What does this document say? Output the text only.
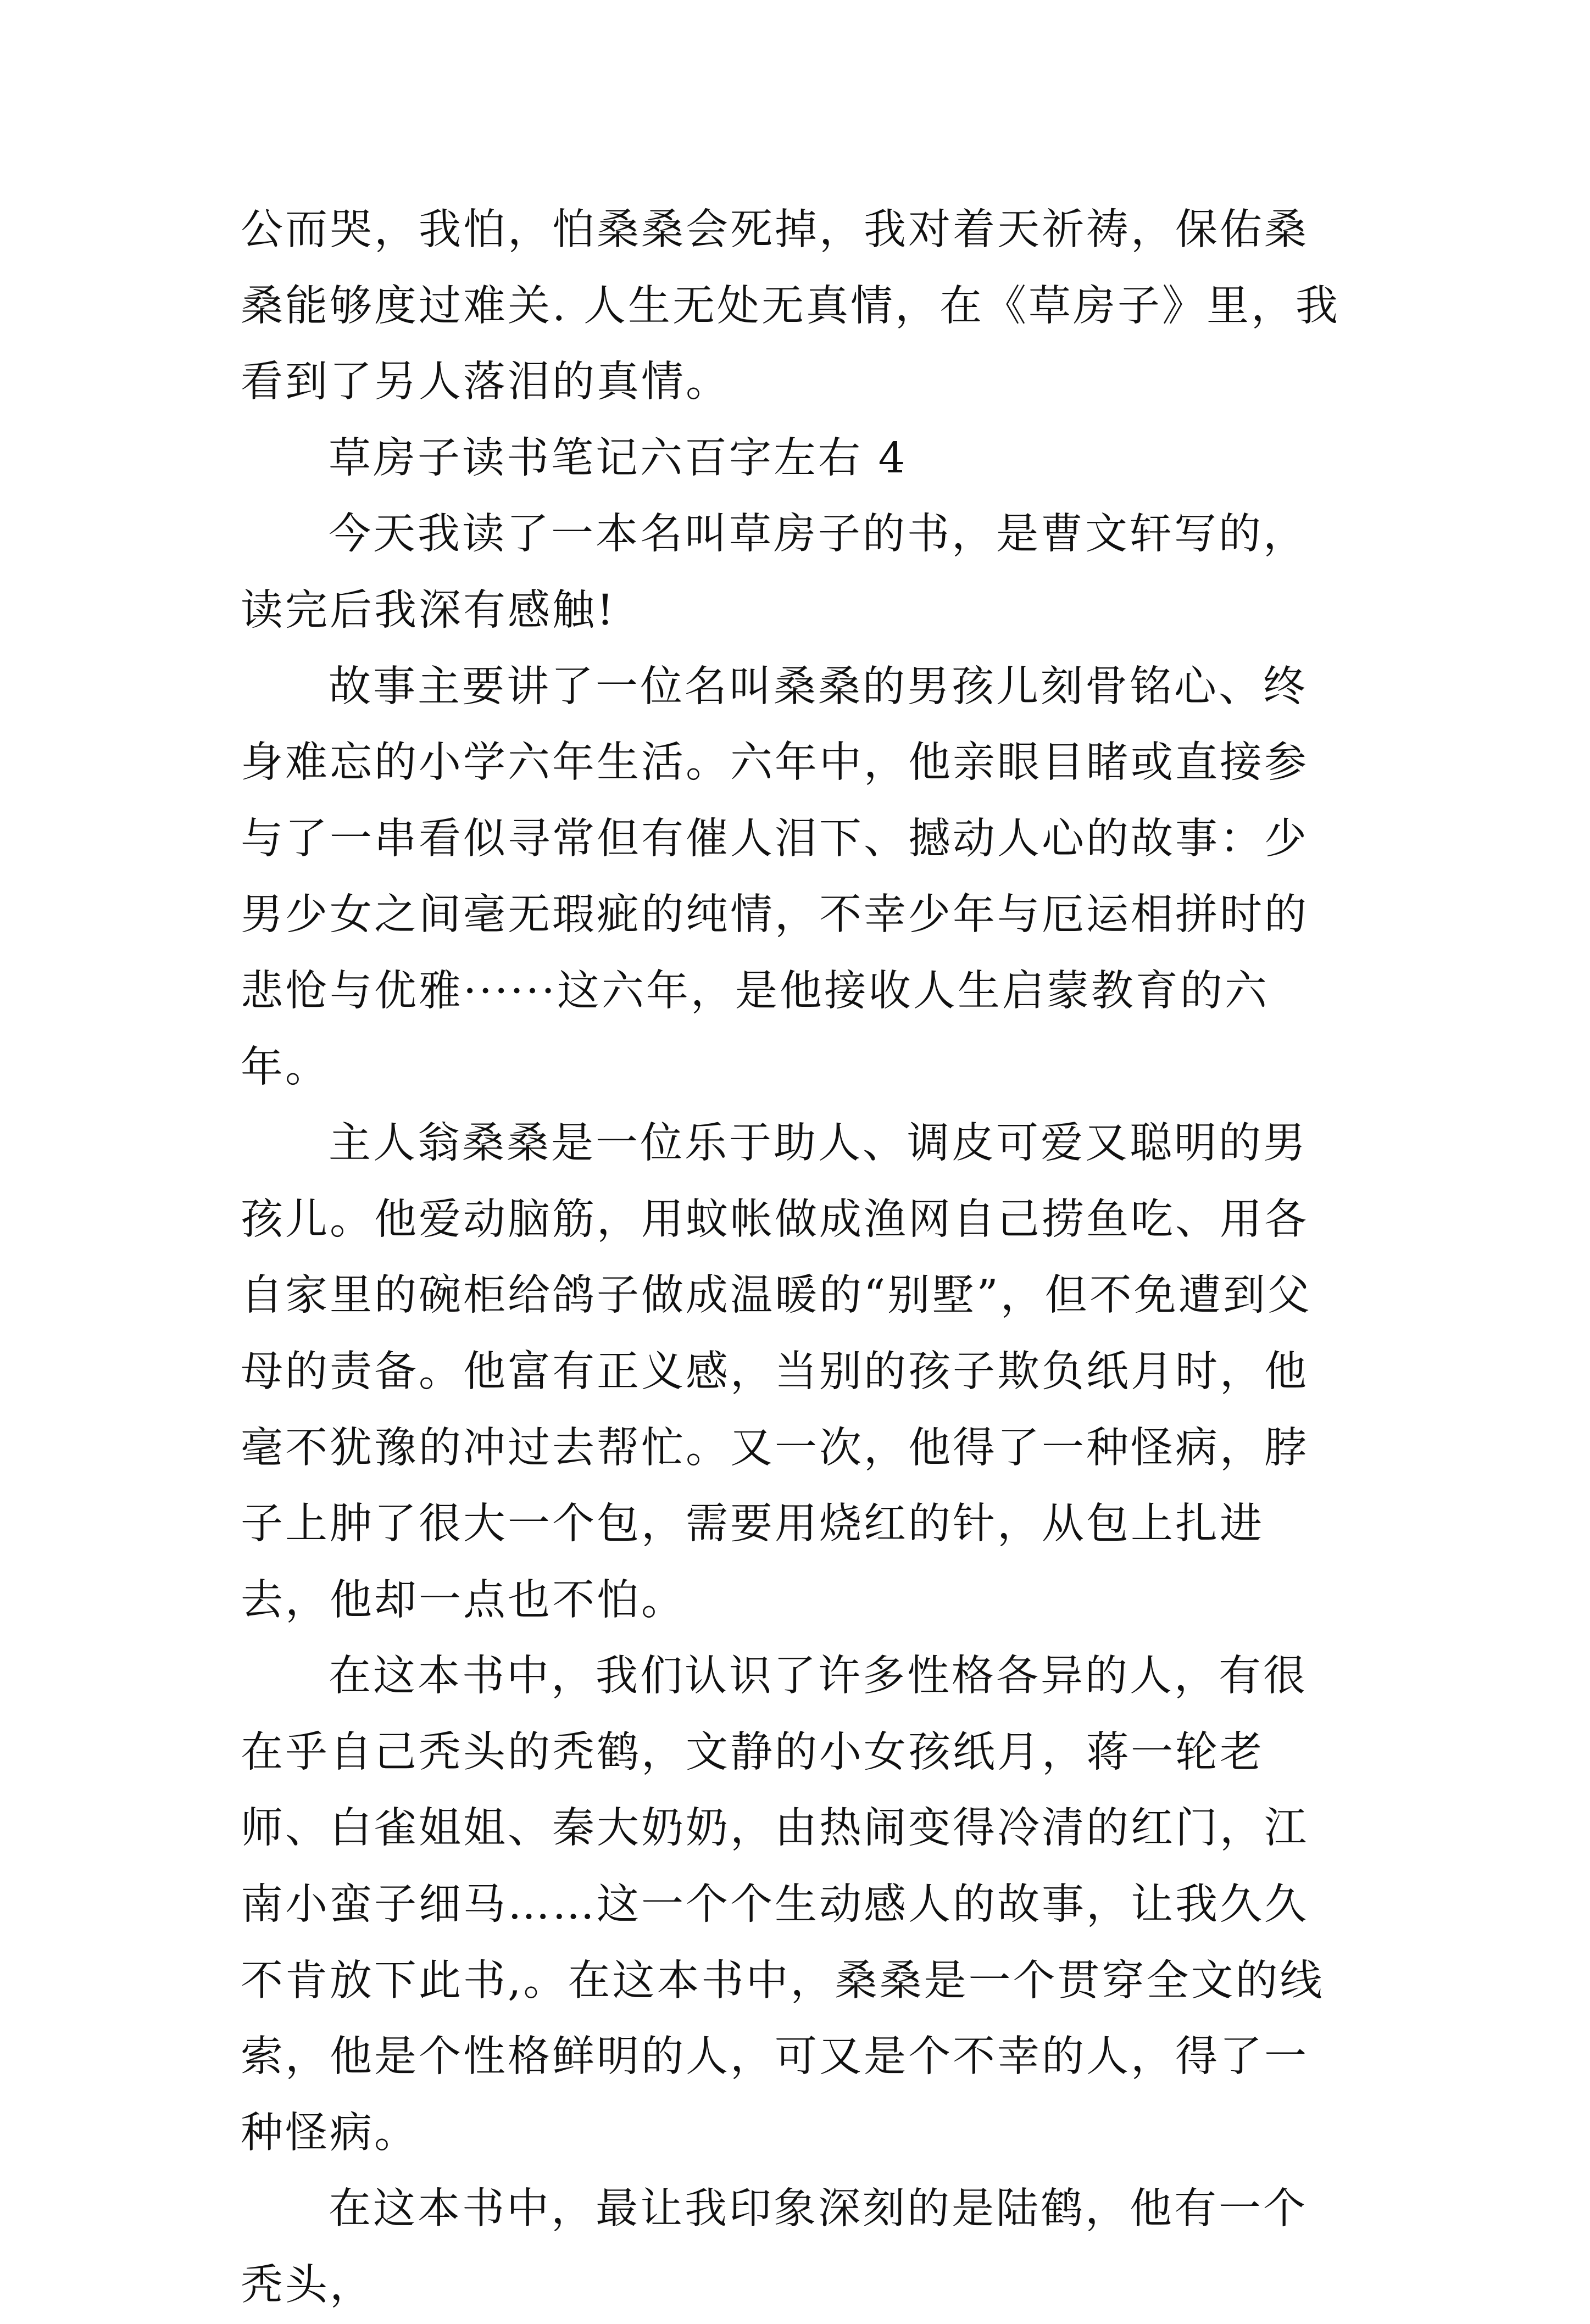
公而哭，我怕，怕桑桑会死掉，我对着天祈祷，保佑桑桑能够度过难关. 人生无处无真情，在《草房子》里，我看到了另人落泪的真情。

草房子读书笔记六百字左右 4

今天我读了一本名叫草房子的书，是曹文轩写的，读完后我深有感触!

故事主要讲了一位名叫桑桑的男孩儿刻骨铭心、终身难忘的小学六年生活。六年中，他亲眼目睹或直接参与了一串看似寻常但有催人泪下、撼动人心的故事：少男少女之间毫无瑕疵的纯情，不幸少年与厄运相拼时的悲怆与优雅······这六年，是他接收人生启蒙教育的六年。

主人翁桑桑是一位乐于助人、调皮可爱又聪明的男孩儿。他爱动脑筋，用蚊帐做成渔网自己捞鱼吃、用各自家里的碗柜给鸽子做成温暖的“别墅”，但不免遭到父母的责备。他富有正义感，当别的孩子欺负纸月时，他毫不犹豫的冲过去帮忙。又一次，他得了一种怪病，脖子上肿了很大一个包，需要用烧红的针，从包上扎进去，他却一点也不怕。

在这本书中，我们认识了许多性格各异的人，有很在乎自己秃头的秃鹤，文静的小女孩纸月，蒋一轮老师、白雀姐姐、秦大奶奶，由热闹变得冷清的红门，江南小蛮子细马……这一个个生动感人的故事，让我久久不肯放下此书,。在这本书中，桑桑是一个贯穿全文的线索，他是个性格鲜明的人，可又是个不幸的人，得了一种怪病。

在这本书中，最让我印象深刻的是陆鹤，他有一个秃头，
